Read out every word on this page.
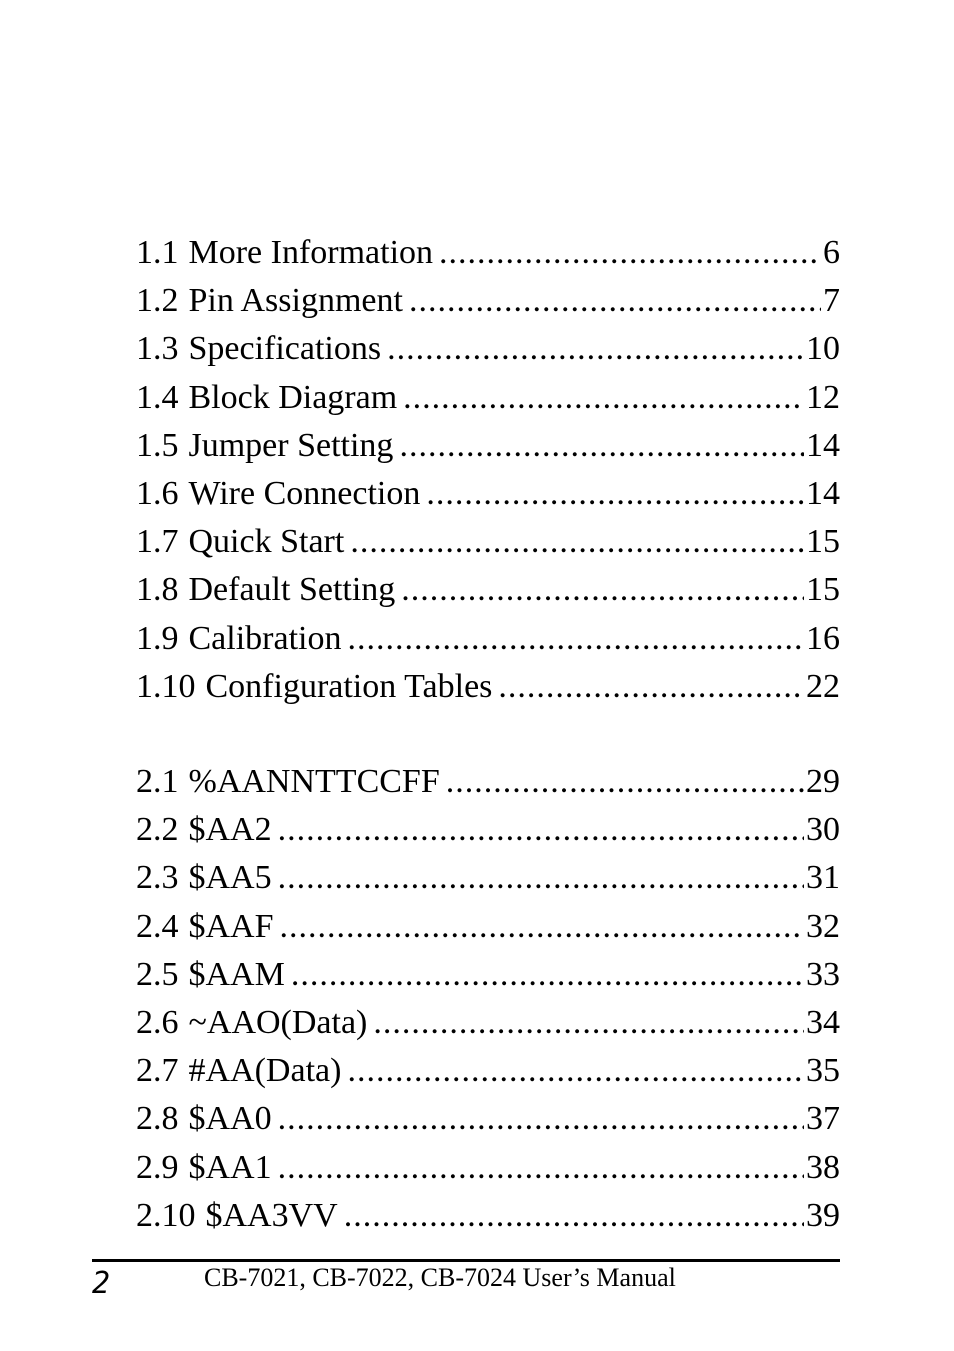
1.1 More Information .....	6
1.2 Pin Assignment .....	7
1.3 Specifications .....	10
1.4 Block Diagram .....	12
1.5 Jumper Setting .....	14
1.6 Wire Connection .....	14
1.7 Quick Start .....	15
1.8 Default Setting .....	15
1.9 Calibration .....	16
1.10 Configuration Tables .....	22
2.1 %AANNTTCCFF .....	29
2.2 $AA2 .....	30
2.3 $AA5 .....	31
2.4 $AAF .....	32
2.5 $AAM .....	33
2.6 ~AAO(Data) .....	34
2.7 #AA(Data) .....	35
2.8 $AA0 .....	37
2.9 $AA1 .....	38
2.10 $AA3VV .....	39
2	CB-7021, CB-7022, CB-7024 User’s Manual
